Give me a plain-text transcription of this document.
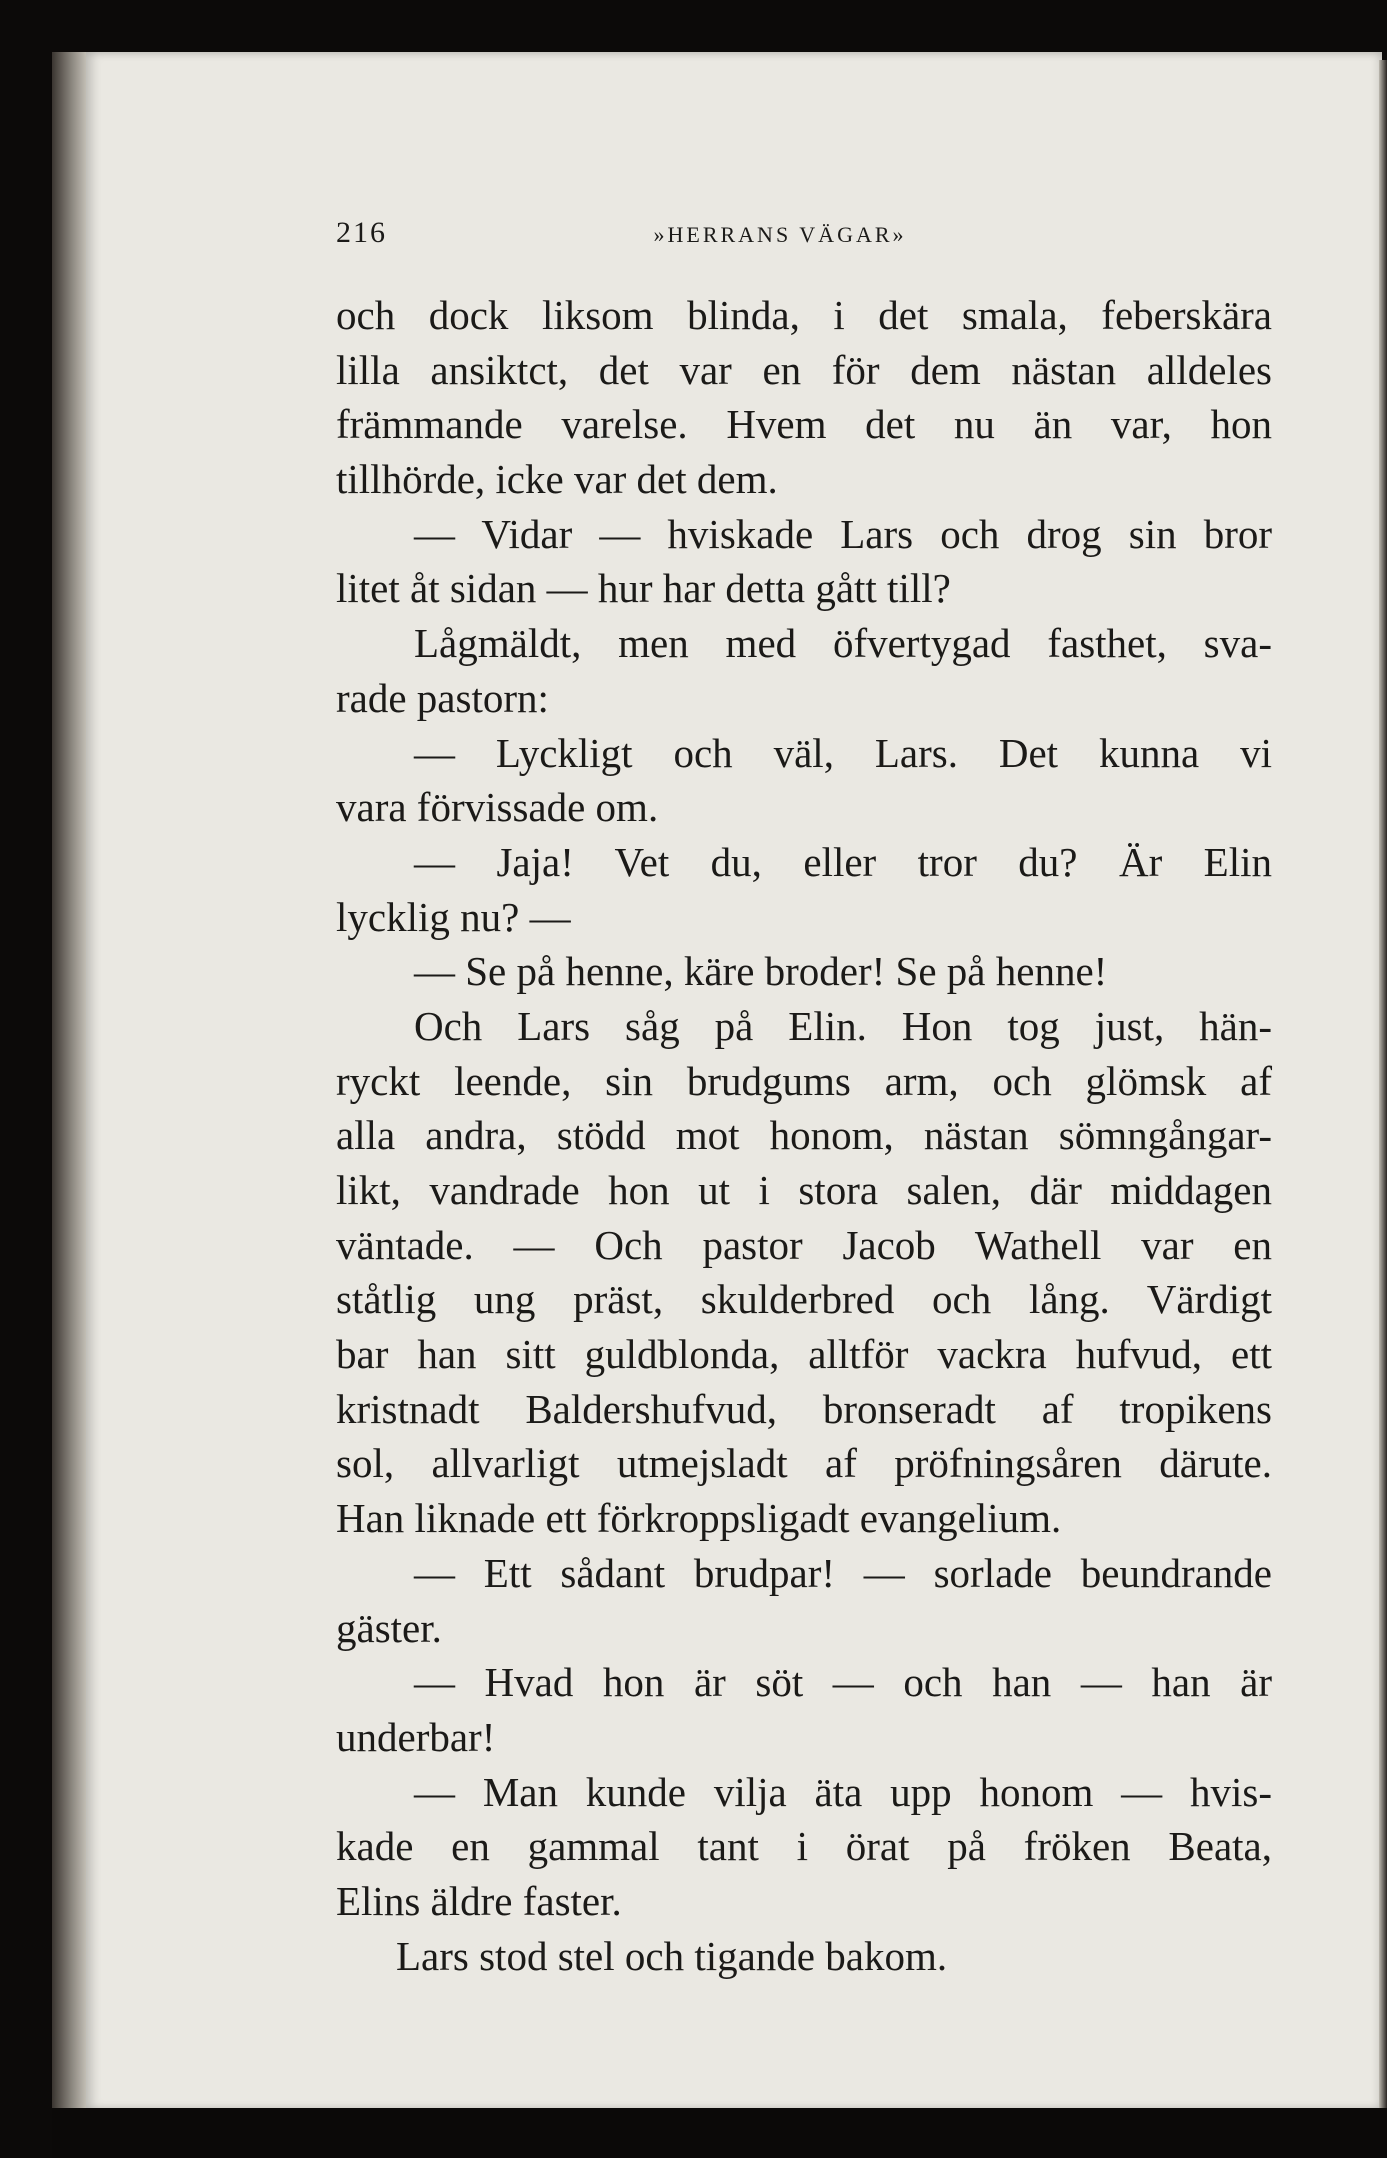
216	»HERRANS VÄGAR»
och dock liksom blinda, i det smala, feberskära
lilla ansiktct, det var en för dem nästan alldeles
främmande varelse. Hvem det nu än var, hon
tillhörde, icke var det dem.
— Vidar — hviskade Lars och drog sin bror
litet åt sidan — hur har detta gått till?
Lågmäldt, men med öfvertygad fasthet, sva-
rade pastorn:
— Lyckligt och väl, Lars. Det kunna vi
vara förvissade om.
— Jaja! Vet du, eller tror du? Är Elin
lycklig nu? —
— Se på henne, käre broder! Se på henne!
Och Lars såg på Elin. Hon tog just, hän-
ryckt leende, sin brudgums arm, och glömsk af
alla andra, stödd mot honom, nästan sömngångar-
likt, vandrade hon ut i stora salen, där middagen
väntade. — Och pastor Jacob Wathell var en
ståtlig ung präst, skulderbred och lång. Värdigt
bar han sitt guldblonda, alltför vackra hufvud, ett
kristnadt Baldershufvud, bronseradt af tropikens
sol, allvarligt utmejsladt af pröfningsåren därute.
Han liknade ett förkroppsligadt evangelium.
— Ett sådant brudpar! — sorlade beundrande
gäster.
— Hvad hon är söt — och han — han är
underbar!
— Man kunde vilja äta upp honom — hvis-
kade en gammal tant i örat på fröken Beata,
Elins äldre faster.
Lars stod stel och tigande bakom.
